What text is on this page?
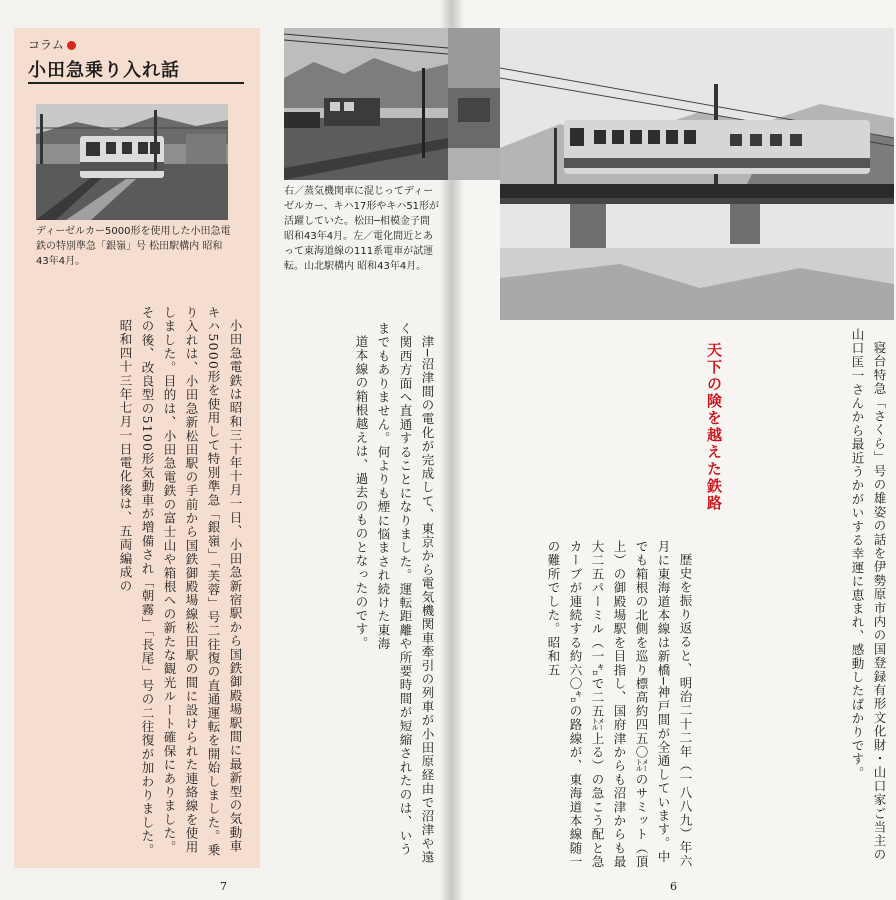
コラム
小田急乗り入れ話
ディーゼルカー5000形を使用した小田急電鉄の特別準急「銀嶺」号 松田駅構内 昭和43年4月。

小田急電鉄は昭和三十年十月一日、小田急新宿駅から国鉄御殿場駅間に最新型の気動車キハ5000形を使用して特別準急「銀嶺」「芙蓉」号二往復の直通運転を開始しました。乗り入れは、小田急新松田駅の手前から国鉄御殿場線松田駅の間に設けられた連絡線を使用しました。目的は、小田急電鉄の富士山や箱根への新たな観光ルート確保にありました。その後、改良型の5100形気動車が増備され「朝霧」「長尾」号の二往復が加わりました。

昭和四十三年七月一日電化後は、五両編成の

右／蒸気機関車に混じってディーゼルカー、キハ17形やキハ51形が活躍していた。松田─相模金子間 昭和43年4月。左／電化間近とあって東海道線の111系電車が試運転。山北駅構内 昭和43年4月。

津─沼津間の電化が完成して、東京から電気機関車牽引の列車が小田原経由で沼津や遠く関西方面へ直通することになりました。運転距離や所要時間が短縮されたのは、いうまでもありません。何よりも煙に悩まされ続けた東海

道本線の箱根越えは、過去のものとなったのです。	寝台特急「さくら」号の雄姿の話を伊勢原市内の国登録有形文化財・山口家ご当主の山口匡一さんから最近うかがいする幸運に恵まれ、感動したばかりです。

天下の険を越えた鉄路

歴史を振り返ると、明治二十二年（一八八九）年六月に東海道本線は新橋─神戸間が全通しています。中でも箱根の北側を巡り標高約四五〇㍍のサミット（頂上）の御殿場駅を目指し、国府津からも沼津からも最大二五パーミル（一㌔で二五㍍上る）の急こう配と急カーブが連続する約六〇㌔の路線が、東海道本線随一の難所でした。昭和五

7	6
